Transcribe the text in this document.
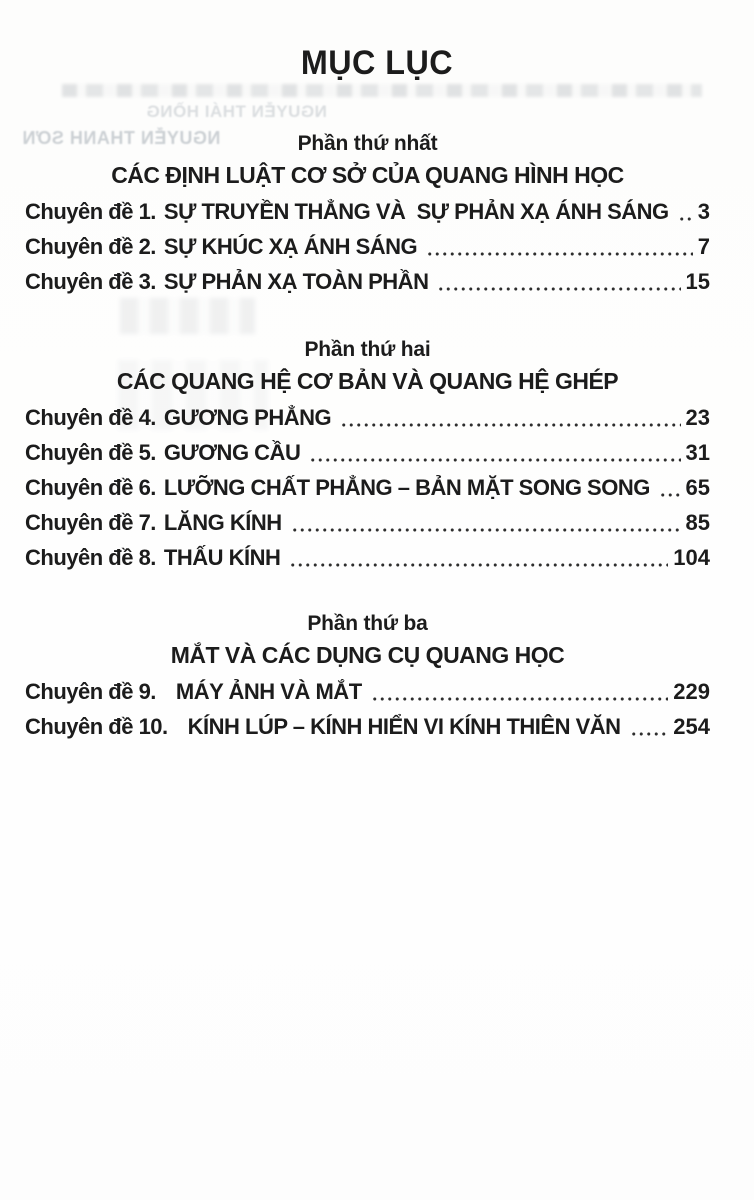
NGUYỄN THÁI HỒNG
NGUYỄN THANH SƠN
MỤC LỤC
Phần thứ nhất
CÁC ĐỊNH LUẬT CƠ SỞ CỦA QUANG HÌNH HỌC
Chuyên đề 1. SỰ TRUYỀN THẲNG VÀ  SỰ PHẢN XẠ ÁNH SÁNG 3
Chuyên đề 2. SỰ KHÚC XẠ ÁNH SÁNG	7
Chuyên đề 3. SỰ PHẢN XẠ TOÀN PHẦN	15
Phần thứ hai
CÁC QUANG HỆ CƠ BẢN VÀ QUANG HỆ GHÉP
Chuyên đề 4. GƯƠNG PHẲNG	23
Chuyên đề 5. GƯƠNG CẦU	31
Chuyên đề 6. LƯỠNG CHẤT PHẲNG – BẢN MẶT SONG SONG 65
Chuyên đề 7. LĂNG KÍNH	85
Chuyên đề 8. THẤU KÍNH	104
Phần thứ ba
MẮT VÀ CÁC DỤNG CỤ QUANG HỌC
Chuyên đề 9. MÁY ẢNH VÀ MẮT	229
Chuyên đề 10. KÍNH LÚP – KÍNH HIỂN VI KÍNH THIÊN VĂN 254
